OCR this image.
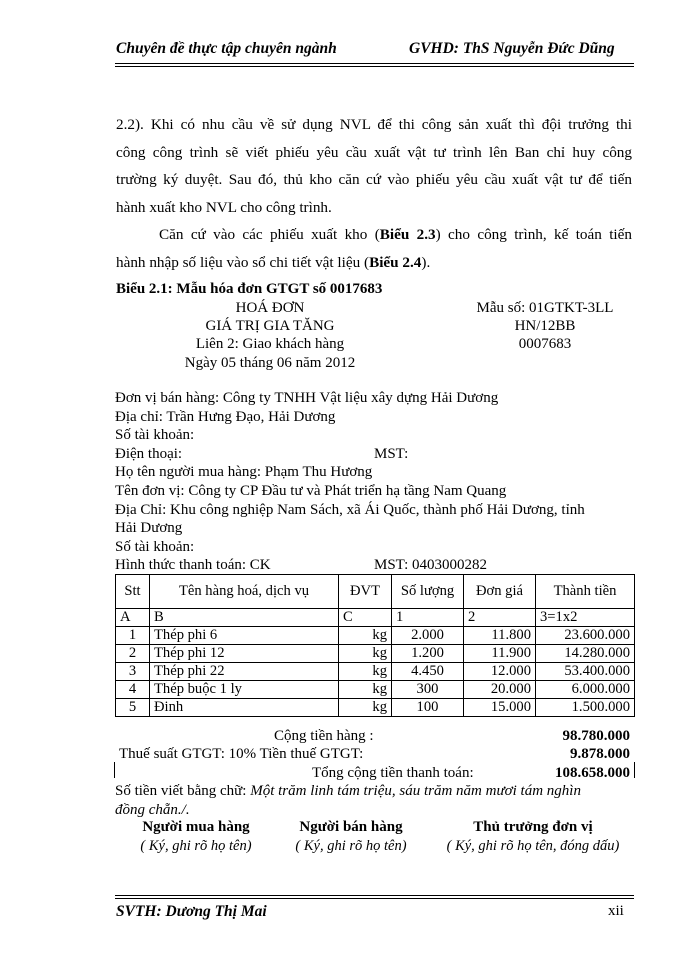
Chuyên đề thực tập chuyên ngành	GVHD: ThS Nguyễn Đức Dũng
2.2). Khi có nhu cầu về sử dụng NVL để thi công sản xuất thì đội trưởng thi
công công trình sẽ viết phiếu yêu cầu xuất vật tư trình lên Ban chỉ huy công
trường ký duyệt. Sau đó, thủ kho căn cứ vào phiếu yêu cầu xuất vật tư để tiến
hành xuất kho NVL cho công trình.
Căn cứ vào các phiếu xuất kho (Biểu 2.3) cho công trình, kế toán tiến
hành nhập số liệu vào sổ chi tiết vật liệu (Biểu 2.4).
Biểu 2.1: Mẫu hóa đơn GTGT số 0017683
HOÁ ĐƠN
GIÁ TRỊ GIA TĂNG
Liên 2: Giao khách hàng
Ngày 05 tháng 06 năm 2012
Mẫu số: 01GTKT-3LL
HN/12BB
0007683
Đơn vị bán hàng: Công ty TNHH Vật liệu xây dựng Hải Dương
Địa chỉ: Trần Hưng Đạo, Hải Dương
Số tài khoản:
Điện thoại:	MST:
Họ tên người mua hàng: Phạm Thu Hương
Tên đơn vị: Công ty CP Đầu tư và Phát triển hạ tầng Nam Quang
Địa Chỉ: Khu công nghiệp Nam Sách, xã Ái Quốc, thành phố Hải Dương, tỉnh
Hải Dương
Số tài khoản:
Hình thức thanh toán: CK	MST: 0403000282
Stt	Tên hàng hoá, dịch vụ	ĐVT	Số lượng	Đơn giá	Thành tiền
A	B	C	1	2	3=1x2
1	Thép phi 6	kg	2.000	11.800	23.600.000
2	Thép phi 12	kg	1.200	11.900	14.280.000
3	Thép phi 22	kg	4.450	12.000	53.400.000
4	Thép buộc 1 ly	kg	300	20.000	6.000.000
5	Đinh	kg	100	15.000	1.500.000
Cộng tiền hàng :	98.780.000
Thuế suất GTGT: 10% Tiền thuế GTGT:	9.878.000
Tổng cộng tiền thanh toán:	108.658.000
Số tiền viết bằng chữ: Một trăm linh tám triệu, sáu trăm năm mươi tám nghìn
đồng chẵn./.
Người mua hàng
( Ký, ghi rõ họ tên)
Người bán hàng
( Ký, ghi rõ họ tên)
Thủ trưởng đơn vị
( Ký, ghi rõ họ tên, đóng dấu)
SVTH: Dương Thị Mai	xii
